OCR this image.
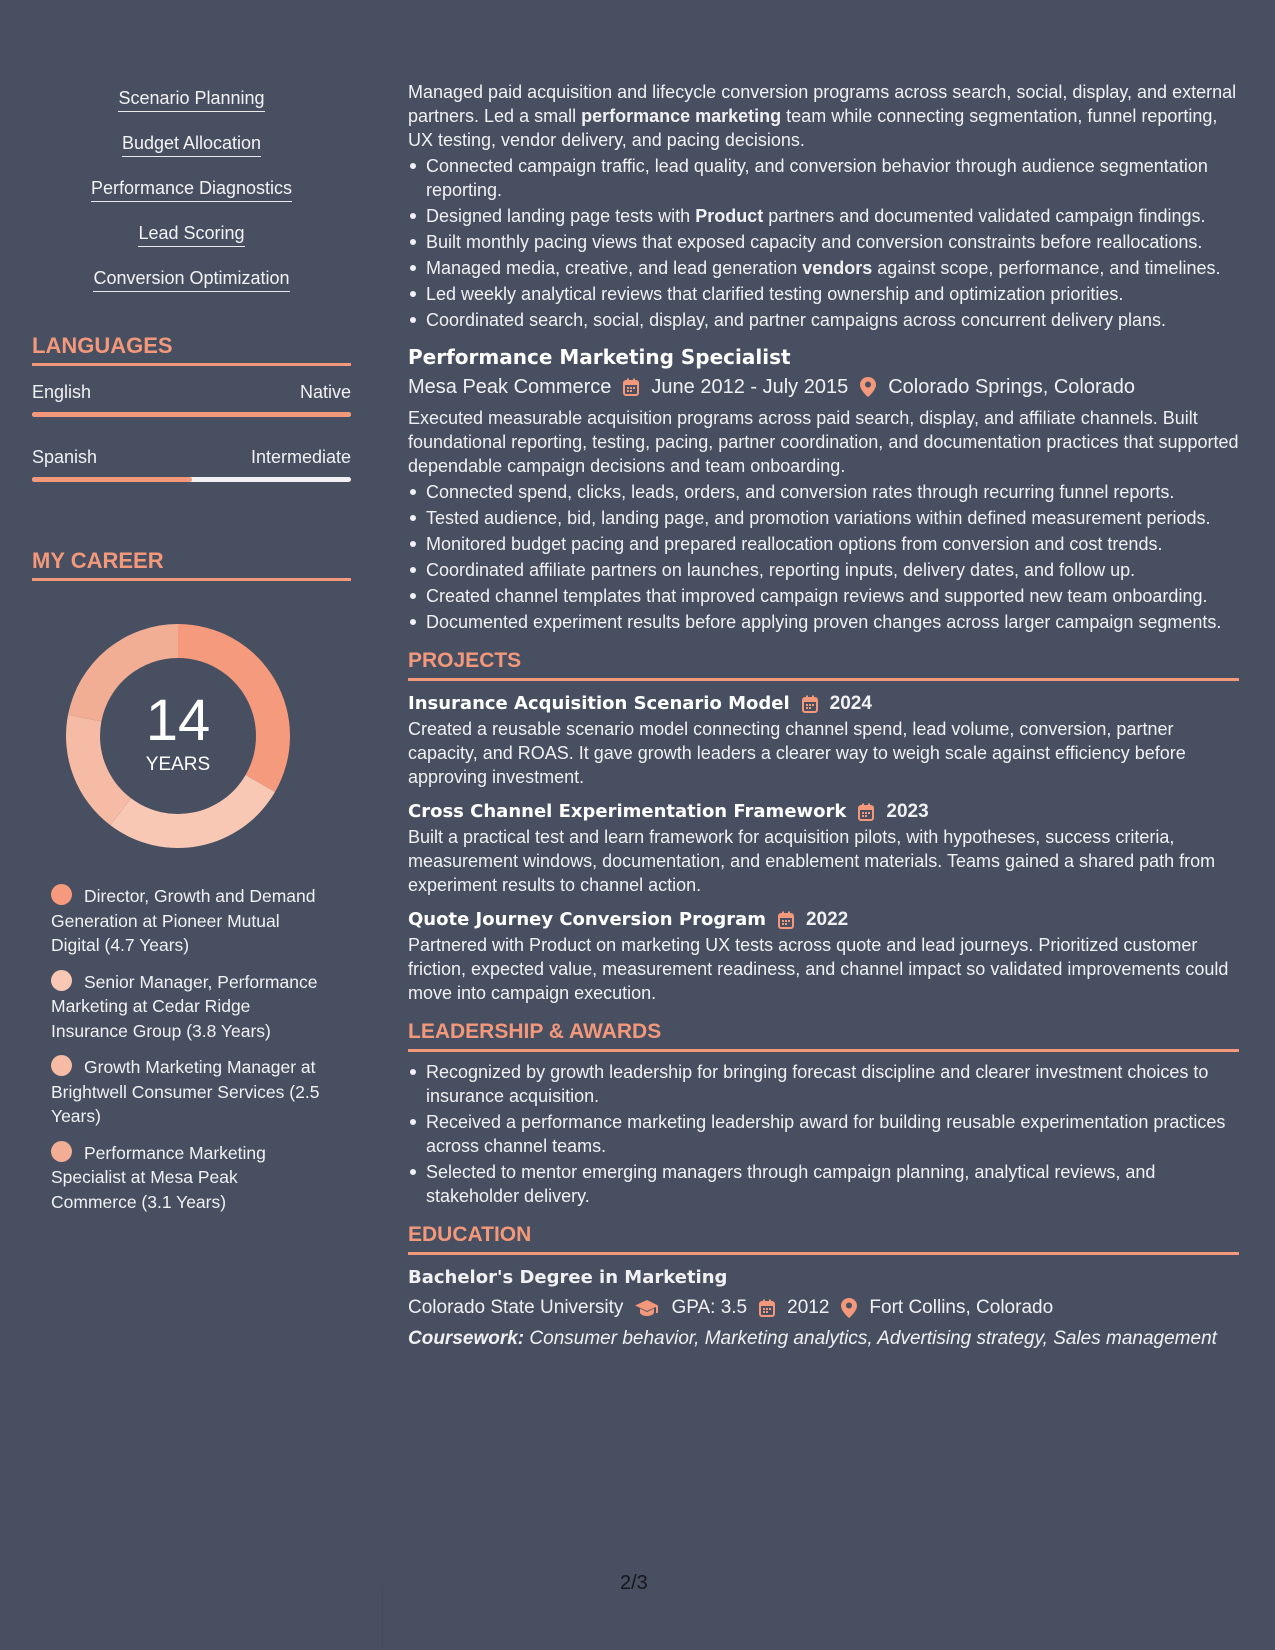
Scenario Planning
Budget Allocation
Performance Diagnostics
Lead Scoring
Conversion Optimization
LANGUAGES
English	Native
Spanish	Intermediate
MY CAREER
14
YEARS
Director, Growth and Demand Generation at Pioneer Mutual Digital (4.7 Years)
Senior Manager, Performance Marketing at Cedar Ridge Insurance Group (3.8 Years)
Growth Marketing Manager at Brightwell Consumer Services (2.5 Years)
Performance Marketing Specialist at Mesa Peak Commerce (3.1 Years)

Managed paid acquisition and lifecycle conversion programs across search, social, display, and external partners. Led a small performance marketing team while connecting segmentation, funnel reporting, UX testing, vendor delivery, and pacing decisions.

Connected campaign traffic, lead quality, and conversion behavior through audience segmentation reporting.
Designed landing page tests with Product partners and documented validated campaign findings.
Built monthly pacing views that exposed capacity and conversion constraints before reallocations.
Managed media, creative, and lead generation vendors against scope, performance, and timelines.
Led weekly analytical reviews that clarified testing ownership and optimization priorities.
Coordinated search, social, display, and partner campaigns across concurrent delivery plans.
Performance Marketing Specialist
Mesa Peak Commerce June 2012 - July 2015 Colorado Springs, Colorado

Executed measurable acquisition programs across paid search, display, and affiliate channels. Built foundational reporting, testing, pacing, partner coordination, and documentation practices that supported dependable campaign decisions and team onboarding.

Connected spend, clicks, leads, orders, and conversion rates through recurring funnel reports.
Tested audience, bid, landing page, and promotion variations within defined measurement periods.
Monitored budget pacing and prepared reallocation options from conversion and cost trends.
Coordinated affiliate partners on launches, reporting inputs, delivery dates, and follow up.
Created channel templates that improved campaign reviews and supported new team onboarding.
Documented experiment results before applying proven changes across larger campaign segments.
PROJECTS
Insurance Acquisition Scenario Model 2024

Created a reusable scenario model connecting channel spend, lead volume, conversion, partner capacity, and ROAS. It gave growth leaders a clearer way to weigh scale against efficiency before approving investment.

Cross Channel Experimentation Framework 2023

Built a practical test and learn framework for acquisition pilots, with hypotheses, success criteria, measurement windows, documentation, and enablement materials. Teams gained a shared path from experiment results to channel action.

Quote Journey Conversion Program 2022

Partnered with Product on marketing UX tests across quote and lead journeys. Prioritized customer friction, expected value, measurement readiness, and channel impact so validated improvements could move into campaign execution.

LEADERSHIP & AWARDS
Recognized by growth leadership for bringing forecast discipline and clearer investment choices to insurance acquisition.
Received a performance marketing leadership award for building reusable experimentation practices across channel teams.
Selected to mentor emerging managers through campaign planning, analytical reviews, and stakeholder delivery.
EDUCATION
Bachelor's Degree in Marketing
Colorado State University	GPA: 3.5 2012 Fort Collins, Colorado

Coursework: Consumer behavior, Marketing analytics, Advertising strategy, Sales management

2/3
